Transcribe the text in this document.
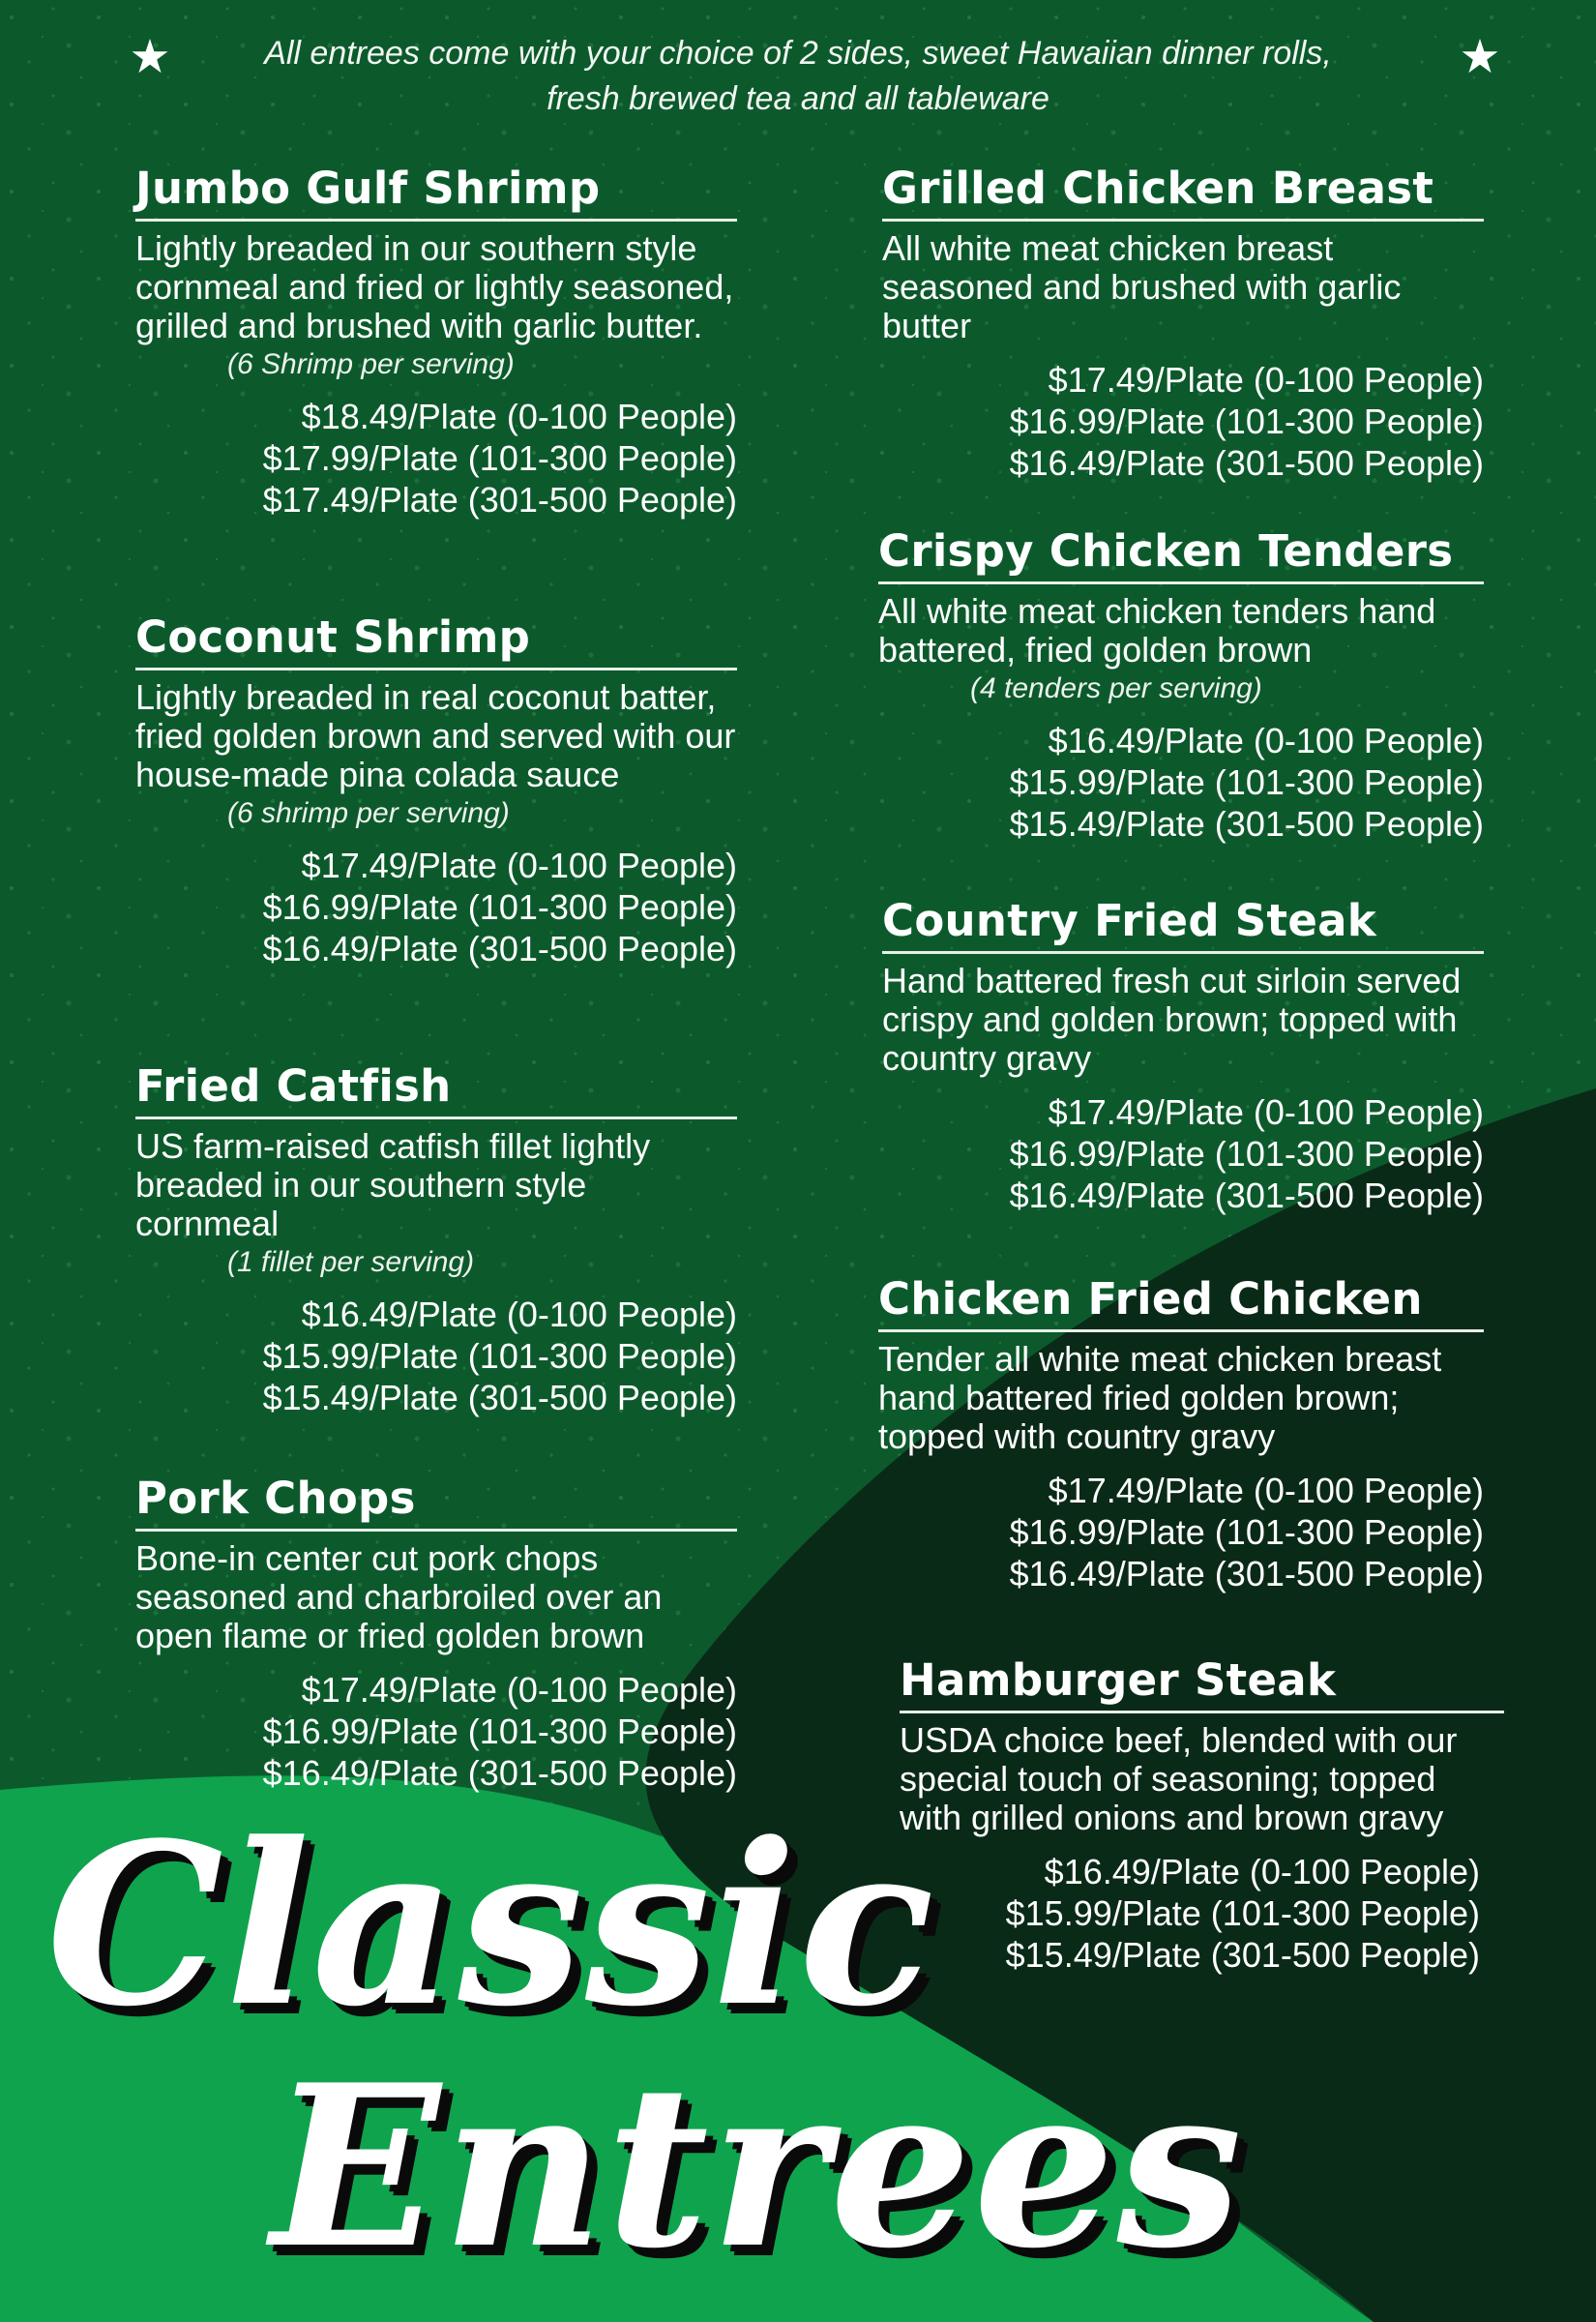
All entrees come with your choice of 2 sides, sweet Hawaiian dinner rolls,
fresh brewed tea and all tableware

Jumbo Gulf Shrimp

Lightly breaded in our southern style cornmeal and fried or lightly seasoned, grilled and brushed with garlic butter.

(6 Shrimp per serving)

$18.49/Plate (0-100 People)
$17.99/Plate (101-300 People)
$17.49/Plate (301-500 People)
Coconut Shrimp

Lightly breaded in real coconut batter, fried golden brown and served with our house-made pina colada sauce

(6 shrimp per serving)

$17.49/Plate (0-100 People)
$16.99/Plate (101-300 People)
$16.49/Plate (301-500 People)
Fried Catfish

US farm-raised catfish fillet lightly breaded in our southern style cornmeal

(1 fillet per serving)

$16.49/Plate (0-100 People)
$15.99/Plate (101-300 People)
$15.49/Plate (301-500 People)
Pork Chops

Bone-in center cut pork chops seasoned and charbroiled over an open flame or fried golden brown

$17.49/Plate (0-100 People)
$16.99/Plate (101-300 People)
$16.49/Plate (301-500 People)
Grilled Chicken Breast

All white meat chicken breast seasoned and brushed with garlic butter

$17.49/Plate (0-100 People)
$16.99/Plate (101-300 People)
$16.49/Plate (301-500 People)
Crispy Chicken Tenders

All white meat chicken tenders hand battered, fried golden brown

(4 tenders per serving)

$16.49/Plate (0-100 People)
$15.99/Plate (101-300 People)
$15.49/Plate (301-500 People)
Country Fried Steak

Hand battered fresh cut sirloin served crispy and golden brown; topped with country gravy

$17.49/Plate (0-100 People)
$16.99/Plate (101-300 People)
$16.49/Plate (301-500 People)
Chicken Fried Chicken

Tender all white meat chicken breast hand battered fried golden brown; topped with country gravy

$17.49/Plate (0-100 People)
$16.99/Plate (101-300 People)
$16.49/Plate (301-500 People)
Hamburger Steak

USDA choice beef, blended with our special touch of seasoning; topped with grilled onions and brown gravy

$16.49/Plate (0-100 People)
$15.99/Plate (101-300 People)
$15.49/Plate (301-500 People)
Classic
Entrees
